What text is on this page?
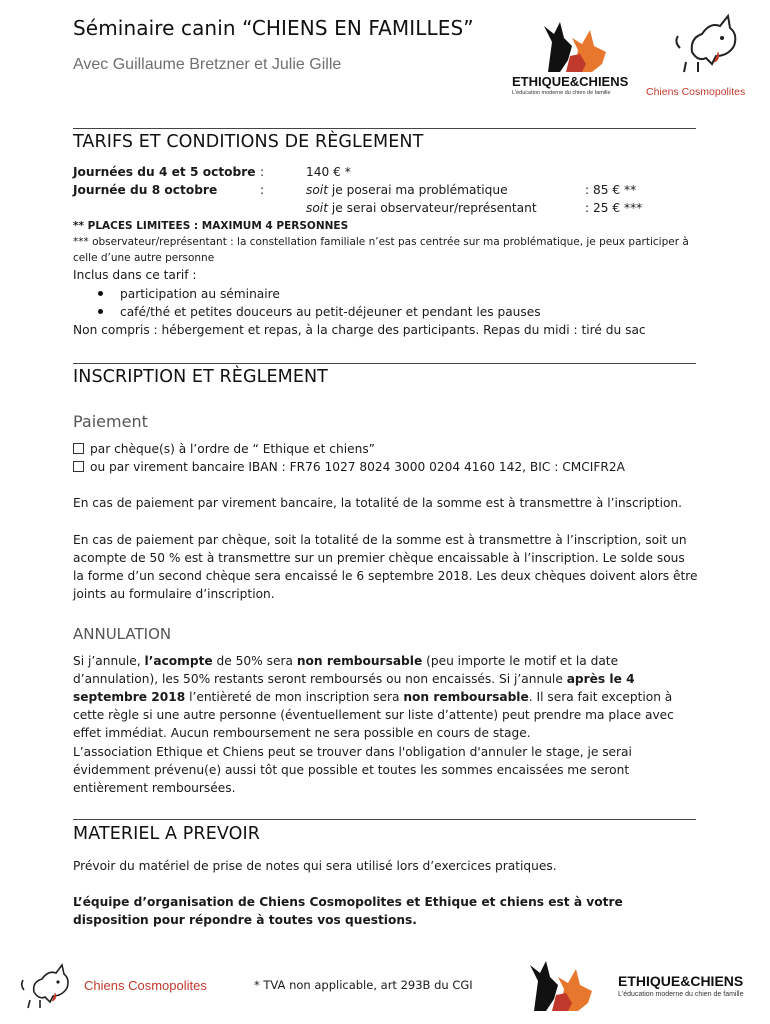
Séminaire canin “CHIENS EN FAMILLES”
Avec Guillaume Bretzner et Julie Gille
ETHIQUE&CHIENS
L'éducation moderne du chien de famille	Chiens Cosmopolites
TARIFS ET CONDITIONS DE RÈGLEMENT
Journées du 4 et 5 octobre :	140 € *
Journée du 8 octobre	:	soit je poserai ma problématique	: 85 € **
soit je serai observateur/représentant	: 25 € ***
** PLACES LIMITEES : MAXIMUM 4 PERSONNES
*** observateur/représentant : la constellation familiale n’est pas centrée sur ma problématique, je peux participer à celle d’une autre personne
Inclus dans ce tarif :
participation au séminaire
café/thé et petites douceurs au petit-déjeuner et pendant les pauses
Non compris : hébergement et repas, à la charge des participants. Repas du midi : tiré du sac
INSCRIPTION ET RÈGLEMENT
Paiement
par chèque(s) à l’ordre de “ Ethique et chiens”
ou par virement bancaire IBAN : FR76 1027 8024 3000 0204 4160 142, BIC : CMCIFR2A
En cas de paiement par virement bancaire, la totalité de la somme est à transmettre à l’inscription.
En cas de paiement par chèque, soit la totalité de la somme est à transmettre à l’inscription, soit un acompte de 50 % est à transmettre sur un premier chèque encaissable à l’inscription. Le solde sous la forme d’un second chèque sera encaissé le 6 septembre 2018. Les deux chèques doivent alors être joints au formulaire d’inscription.
ANNULATION
Si j’annule, l’acompte de 50% sera non remboursable (peu importe le motif et la date d’annulation), les 50% restants seront remboursés ou non encaissés. Si j’annule après le 4 septembre 2018 l’entièreté de mon inscription sera non remboursable. Il sera fait exception à cette règle si une autre personne (éventuellement sur liste d’attente) peut prendre ma place avec effet immédiat. Aucun remboursement ne sera possible en cours de stage.
L’association Ethique et Chiens peut se trouver dans l'obligation d'annuler le stage, je serai évidemment prévenu(e) aussi tôt que possible et toutes les sommes encaissées me seront entièrement remboursées.
MATERIEL A PREVOIR
Prévoir du matériel de prise de notes qui sera utilisé lors d’exercices pratiques.
L’équipe d’organisation de Chiens Cosmopolites et Ethique et chiens est à votre disposition pour répondre à toutes vos questions.
Chiens Cosmopolites	* TVA non applicable, art 293B du CGI	ETHIQUE&CHIENS
L'éducation moderne du chien de famille
